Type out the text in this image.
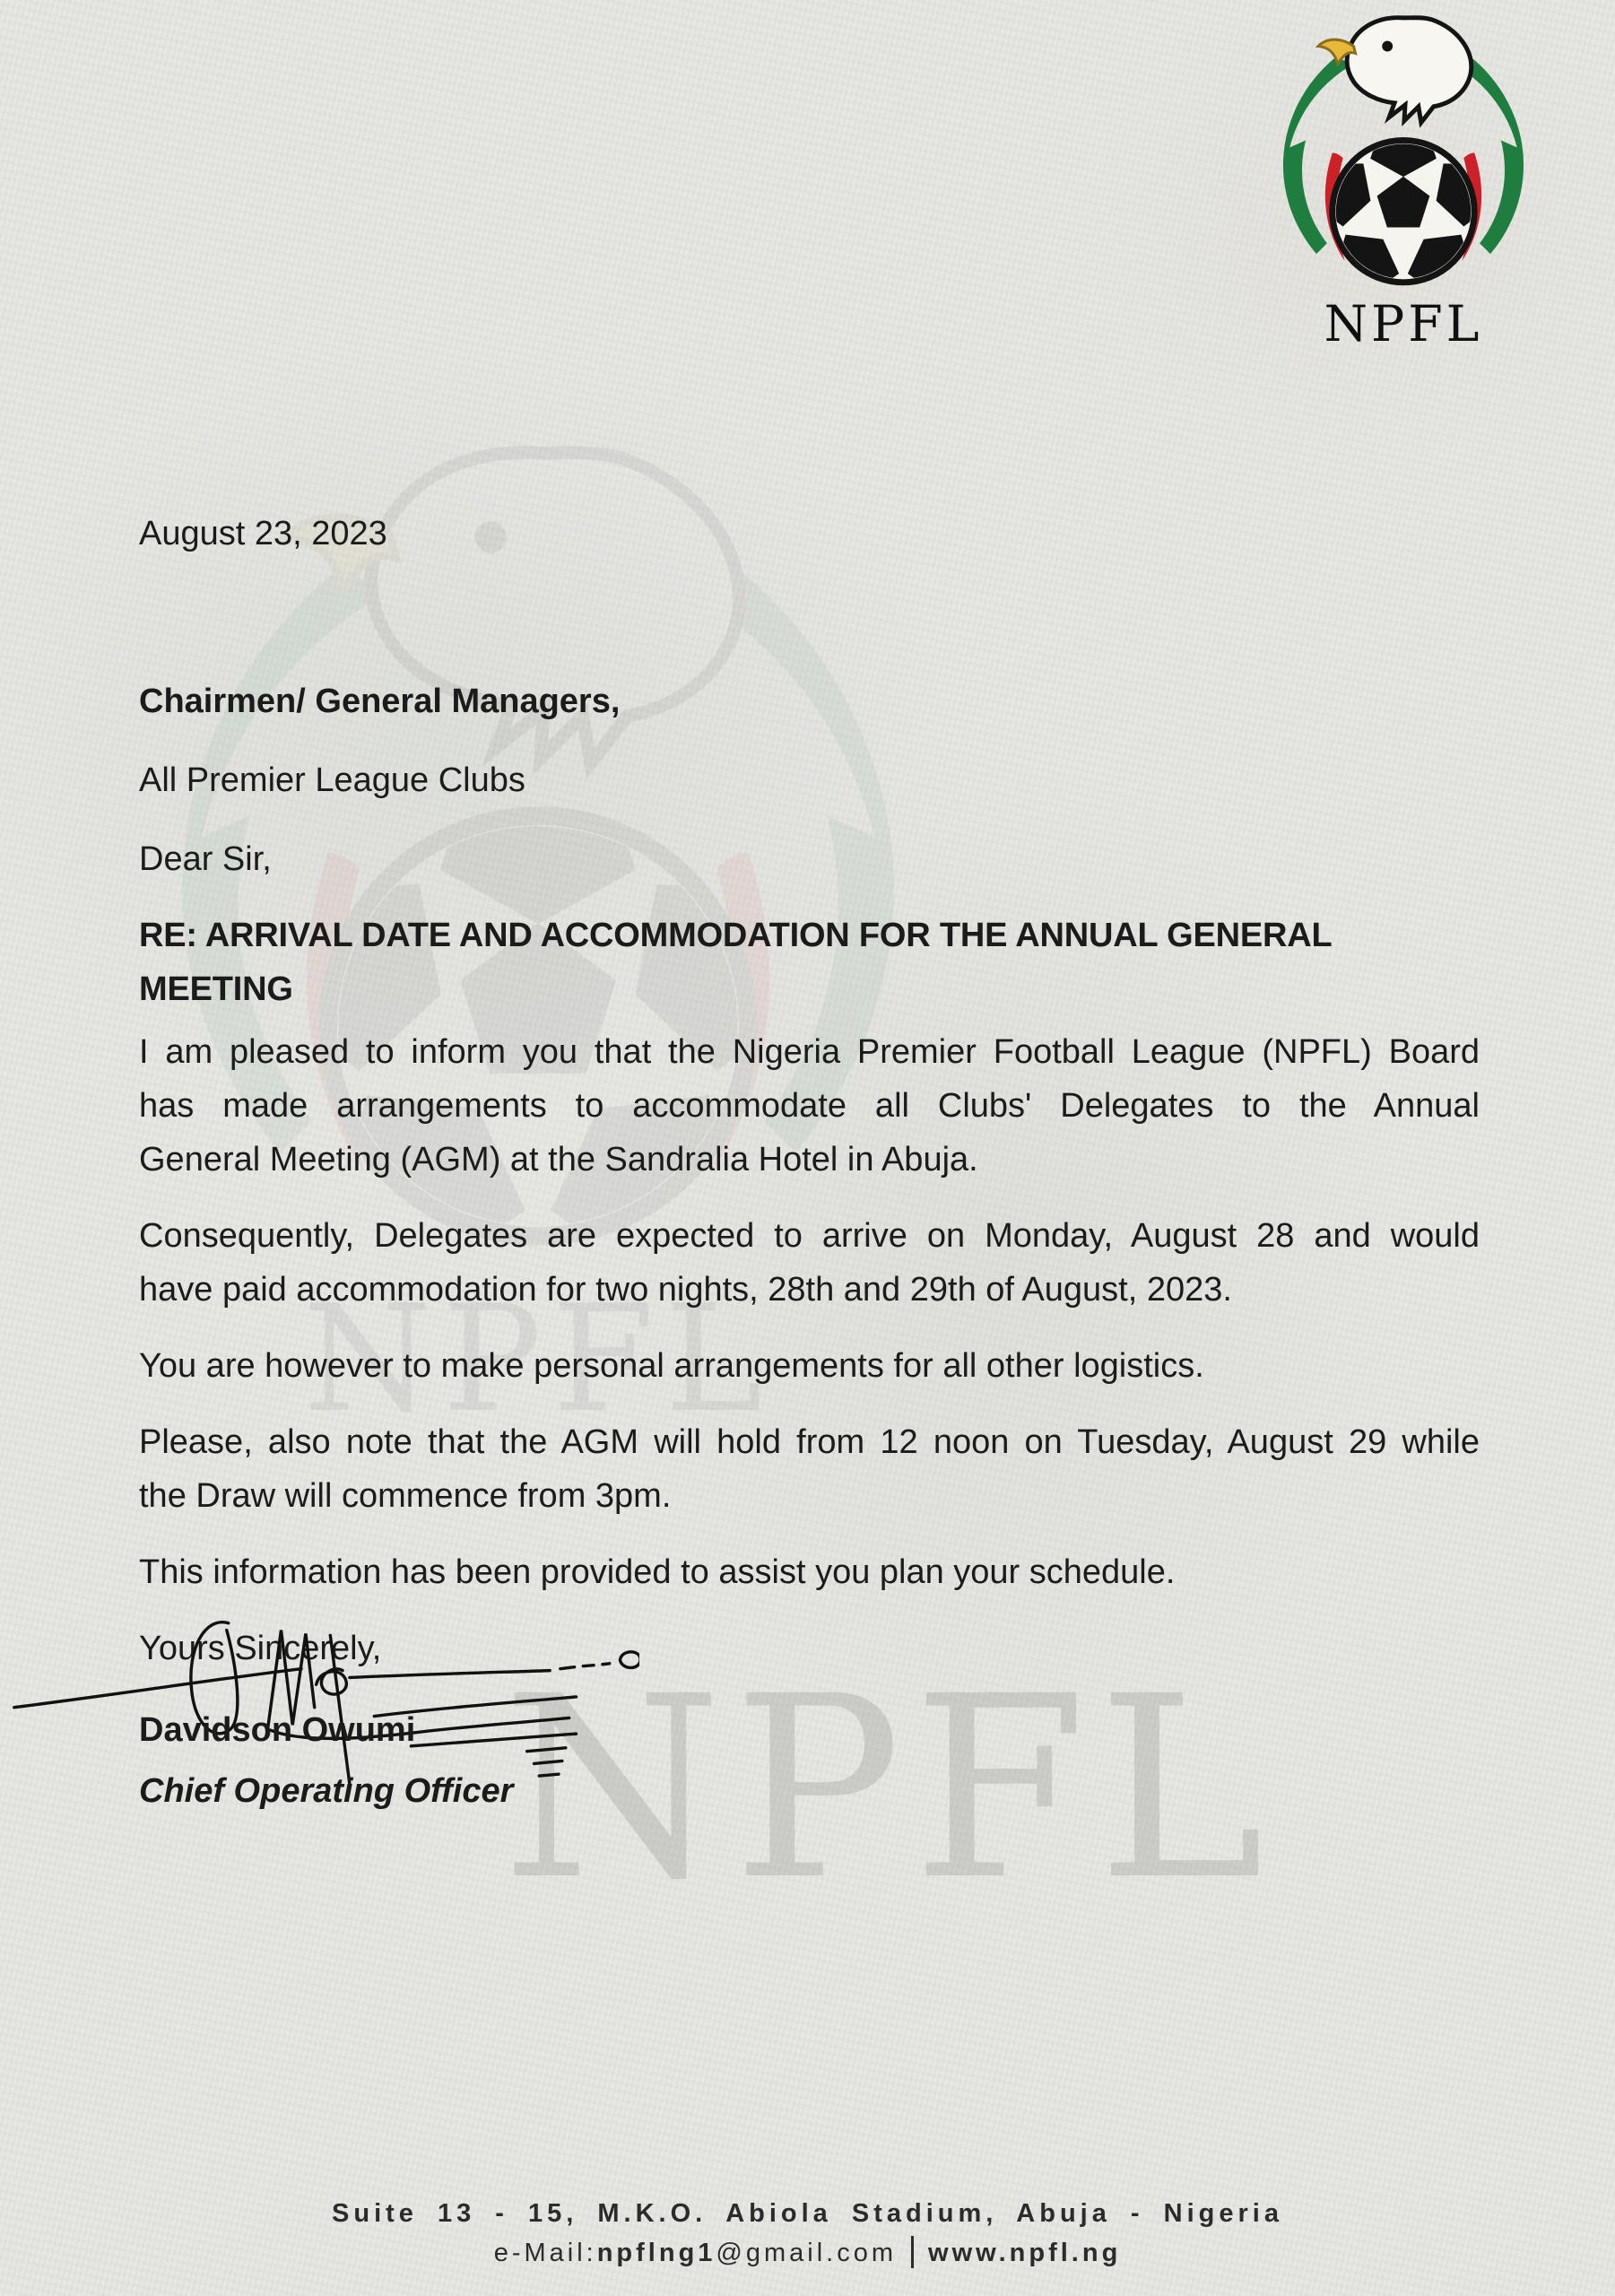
NPFL

August 23, 2023

Chairmen/ General Managers,

All Premier League Clubs

Dear Sir,

RE: ARRIVAL DATE AND ACCOMMODATION FOR THE ANNUAL GENERAL MEETING

I am pleased to inform you that the Nigeria Premier Football League (NPFL) Board
has made arrangements to accommodate all Clubs' Delegates to the Annual
General Meeting (AGM) at the Sandralia Hotel in Abuja.

Consequently, Delegates are expected to arrive on Monday, August 28 and would
have paid accommodation for two nights, 28th and 29th of August, 2023.

You are however to make personal arrangements for all other logistics.

Please, also note that the AGM will hold from 12 noon on Tuesday, August 29 while
the Draw will commence from 3pm.

This information has been provided to assist you plan your schedule.

Yours Sincerely,

Davidson Owumi

Chief Operating Officer

Suite 13 - 15, M.K.O. Abiola Stadium, Abuja - Nigeria

e-Mail:npflng1@gmail.com www.npfl.ng
